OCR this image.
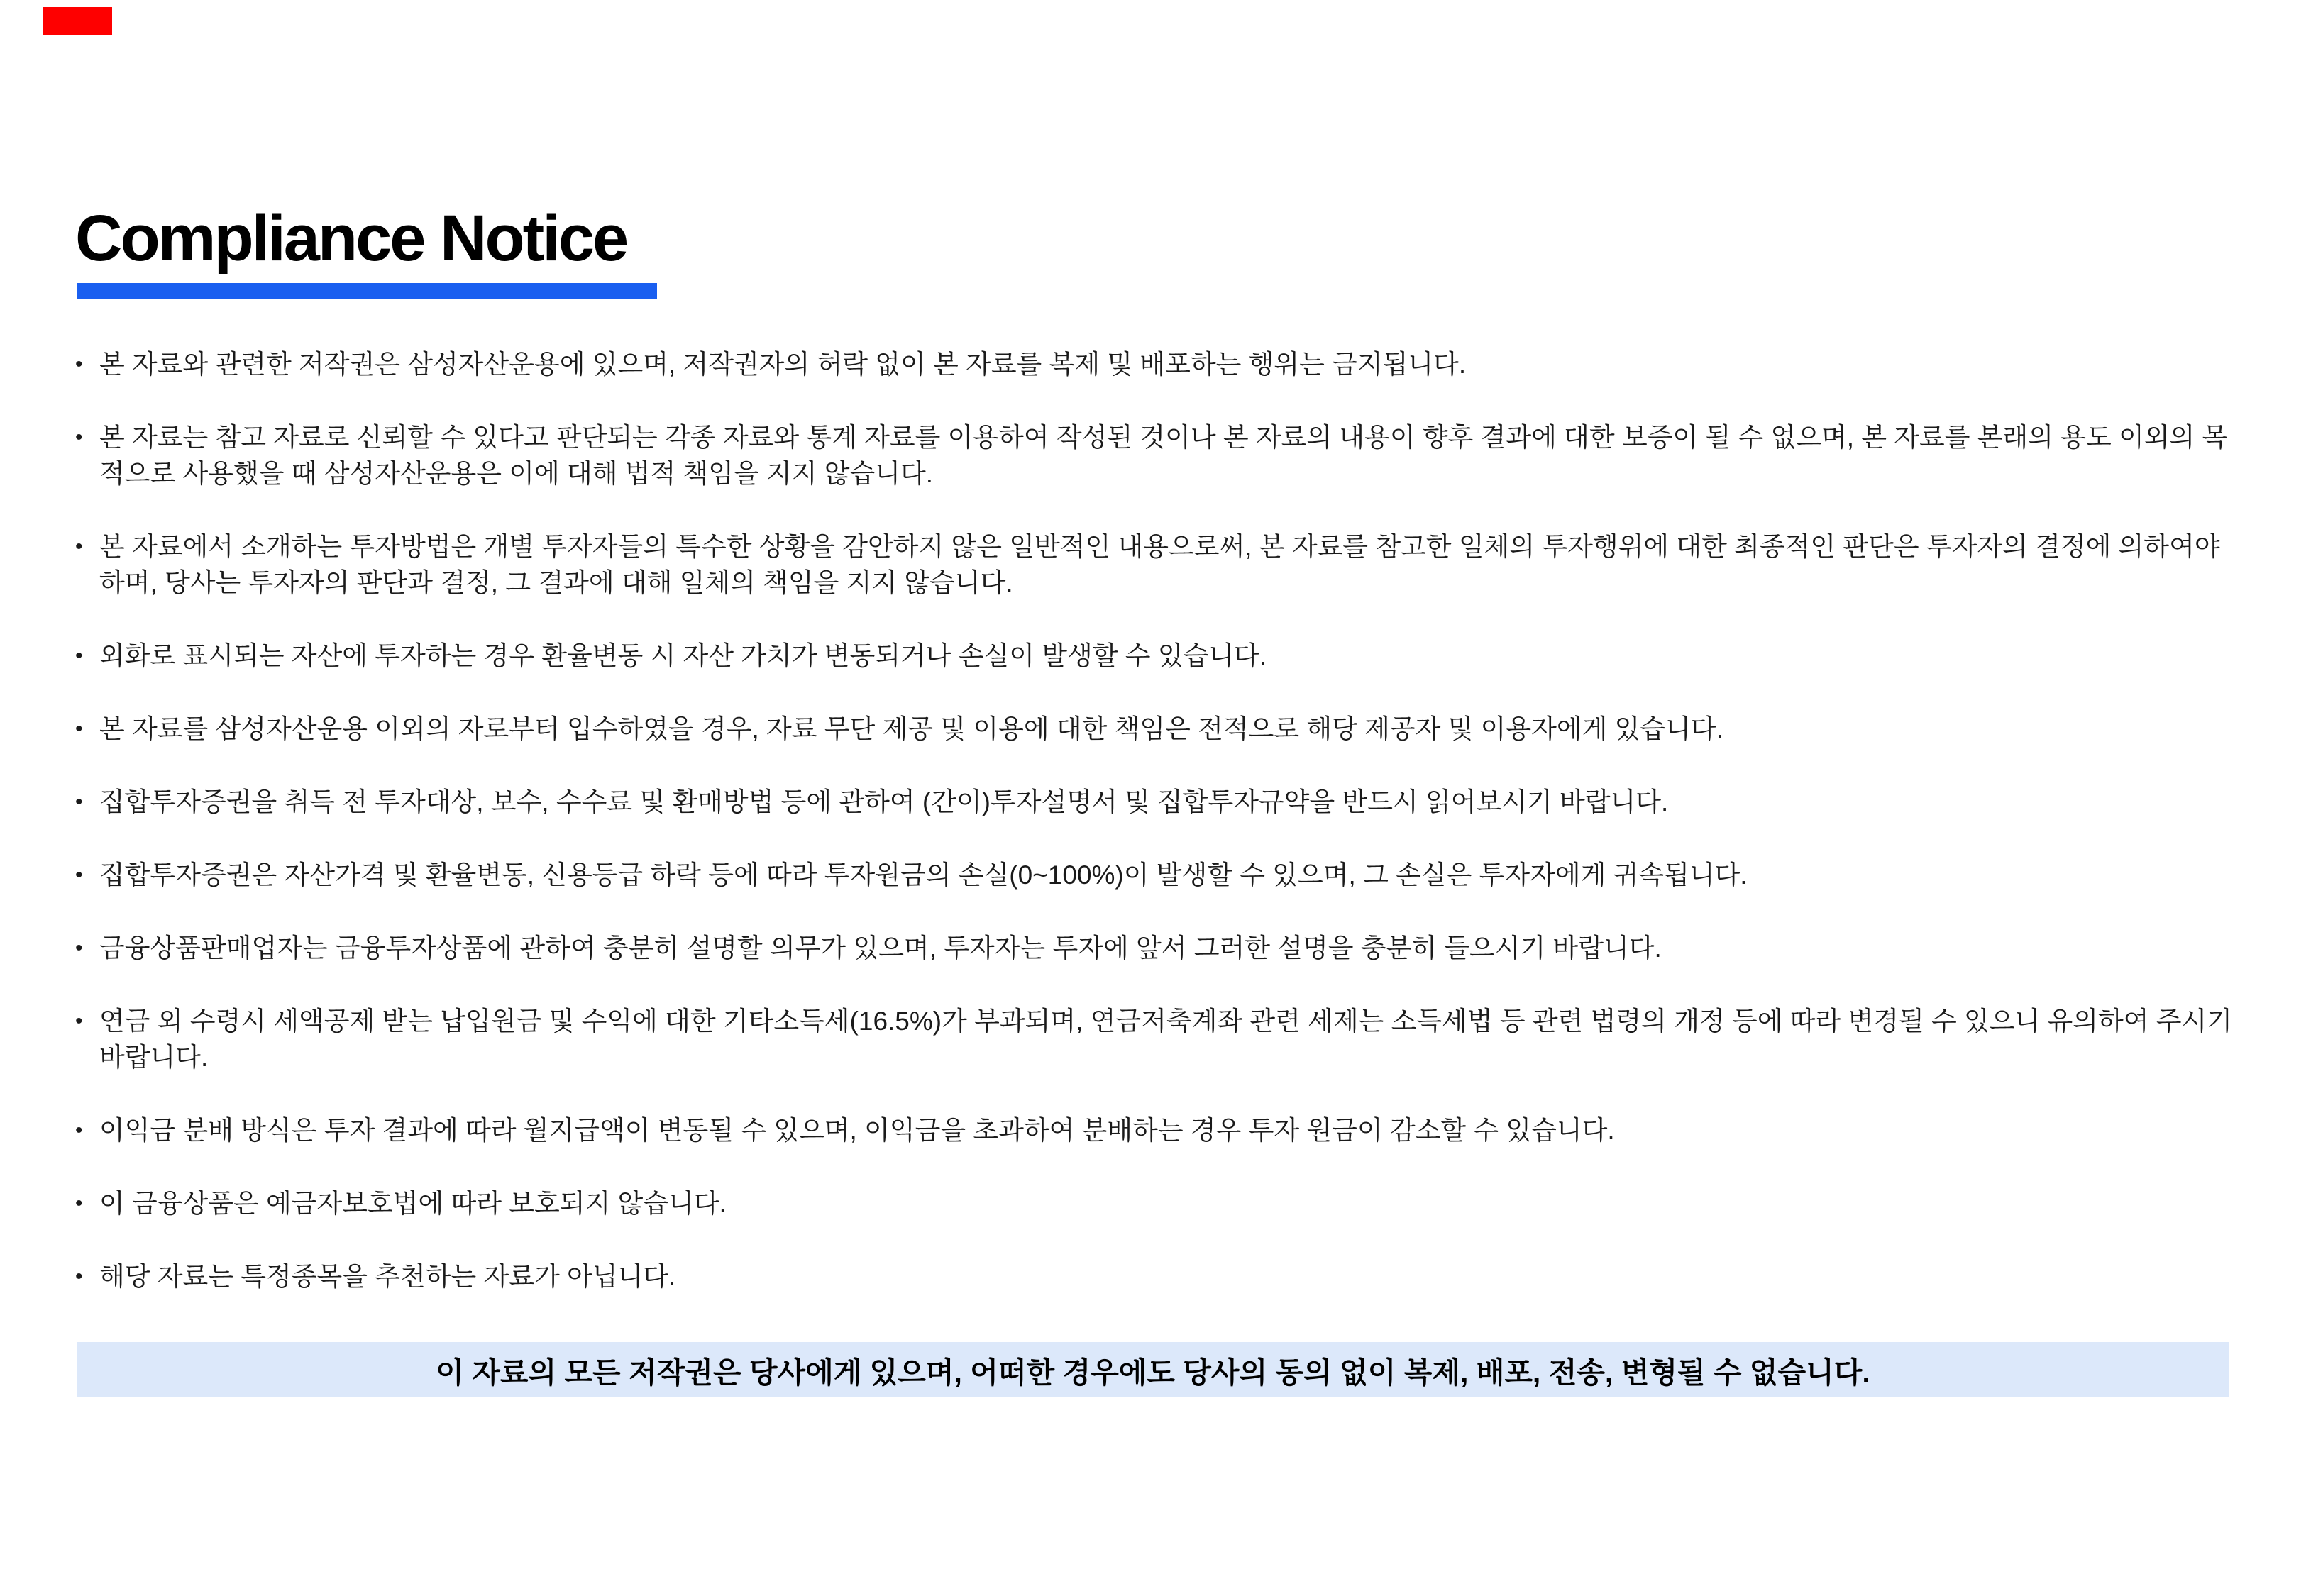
Compliance Notice
• 본 자료와 관련한 저작권은 삼성자산운용에 있으며, 저작권자의 허락 없이 본 자료를 복제 및 배포하는 행위는 금지됩니다.
• 본 자료는 참고 자료로 신뢰할 수 있다고 판단되는 각종 자료와 통계 자료를 이용하여 작성된 것이나 본 자료의 내용이 향후 결과에 대한 보증이 될 수 없으며, 본 자료를 본래의 용도 이외의 목적으로 사용했을 때 삼성자산운용은 이에 대해 법적 책임을 지지 않습니다.
• 본 자료에서 소개하는 투자방법은 개별 투자자들의 특수한 상황을 감안하지 않은 일반적인 내용으로써, 본 자료를 참고한 일체의 투자행위에 대한 최종적인 판단은 투자자의 결정에 의하여야 하며, 당사는 투자자의 판단과 결정, 그 결과에 대해 일체의 책임을 지지 않습니다.
• 외화로 표시되는 자산에 투자하는 경우 환율변동 시 자산 가치가 변동되거나 손실이 발생할 수 있습니다.
• 본 자료를 삼성자산운용 이외의 자로부터 입수하였을 경우, 자료 무단 제공 및 이용에 대한 책임은 전적으로 해당 제공자 및 이용자에게 있습니다.
• 집합투자증권을 취득 전 투자대상, 보수, 수수료 및 환매방법 등에 관하여 (간이)투자설명서 및 집합투자규약을 반드시 읽어보시기 바랍니다.
• 집합투자증권은 자산가격 및 환율변동, 신용등급 하락 등에 따라 투자원금의 손실(0~100%)이 발생할 수 있으며, 그 손실은 투자자에게 귀속됩니다.
• 금융상품판매업자는 금융투자상품에 관하여 충분히 설명할 의무가 있으며, 투자자는 투자에 앞서 그러한 설명을 충분히 들으시기 바랍니다.
• 연금 외 수령시 세액공제 받는 납입원금 및 수익에 대한 기타소득세(16.5%)가 부과되며, 연금저축계좌 관련 세제는 소득세법 등 관련 법령의 개정 등에 따라 변경될 수 있으니 유의하여 주시기 바랍니다.
• 이익금 분배 방식은 투자 결과에 따라 월지급액이 변동될 수 있으며, 이익금을 초과하여 분배하는 경우 투자 원금이 감소할 수 있습니다.
• 이 금융상품은 예금자보호법에 따라 보호되지 않습니다.
• 해당 자료는 특정종목을 추천하는 자료가 아닙니다.
이 자료의 모든 저작권은 당사에게 있으며, 어떠한 경우에도 당사의 동의 없이 복제, 배포, 전송, 변형될 수 없습니다.
